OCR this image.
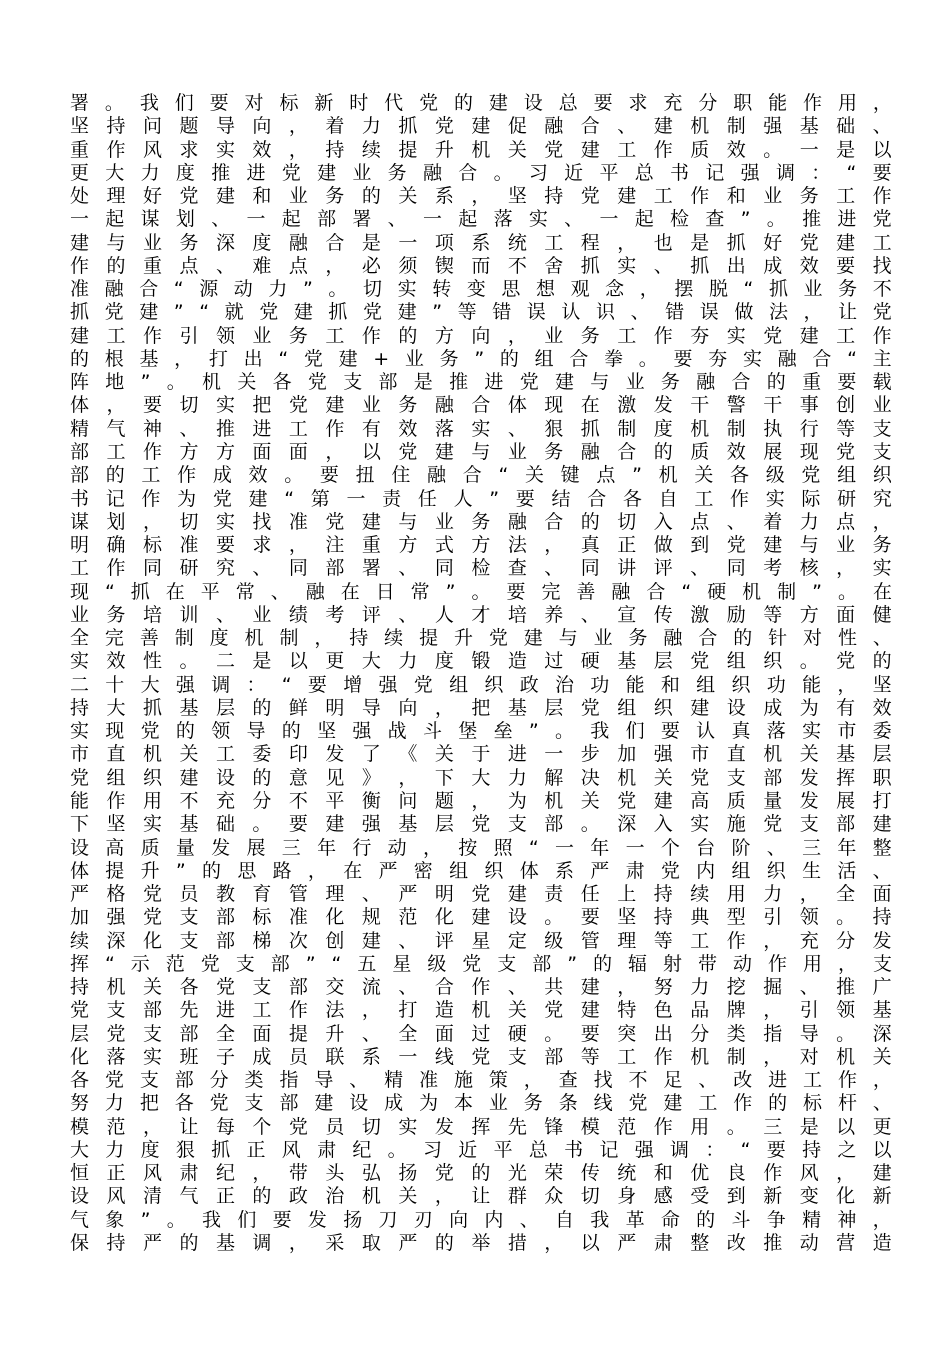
署 。 我 们 要 对 标 新 时 代 党 的 建 设 总 要 求 充 分 职 能 作 用 ，
坚 持 问 题 导 向 ， 着 力 抓 党 建 促 融 合 、 建 机 制 强 基 础 、
重 作 风 求 实 效 ， 持 续 提 升 机 关 党 建 工 作 质 效 。 一 是 以
更 大 力 度 推 进 党 建 业 务 融 合 。 习 近 平 总 书 记 强 调 ： “ 要
处 理 好 党 建 和 业 务 的 关 系 ， 坚 持 党 建 工 作 和 业 务 工 作
一 起 谋 划 、 一 起 部 署 、 一 起 落 实 、 一 起 检 查 ” 。 推 进 党
建 与 业 务 深 度 融 合 是 一 项 系 统 工 程 ， 也 是 抓 好 党 建 工
作 的 重 点 、 难 点 ， 必 须 锲 而 不 舍 抓 实 、 抓 出 成 效 要 找
准 融 合 “ 源 动 力 ” 。 切 实 转 变 思 想 观 念 ， 摆 脱 “ 抓 业 务 不
抓 党 建 ” “ 就 党 建 抓 党 建 ” 等 错 误 认 识 、 错 误 做 法 ， 让 党
建 工 作 引 领 业 务 工 作 的 方 向 ， 业 务 工 作 夯 实 党 建 工 作
的 根 基 ， 打 出 “ 党 建 + 业 务 ” 的 组 合 拳 。 要 夯 实 融 合 “ 主
阵 地 ” 。 机 关 各 党 支 部 是 推 进 党 建 与 业 务 融 合 的 重 要 载
体 ， 要 切 实 把 党 建 业 务 融 合 体 现 在 激 发 干 警 干 事 创 业
精 气 神 、 推 进 工 作 有 效 落 实 、 狠 抓 制 度 机 制 执 行 等 支
部 工 作 方 方 面 面 ， 以 党 建 与 业 务 融 合 的 质 效 展 现 党 支
部 的 工 作 成 效 。 要 扭 住 融 合 “ 关 键 点 ” 机 关 各 级 党 组 织
书 记 作 为 党 建 “ 第 一 责 任 人 ” 要 结 合 各 自 工 作 实 际 研 究
谋 划 ， 切 实 找 准 党 建 与 业 务 融 合 的 切 入 点 、 着 力 点 ，
明 确 标 准 要 求 ， 注 重 方 式 方 法 ， 真 正 做 到 党 建 与 业 务
工 作 同 研 究 、 同 部 署 、 同 检 查 、 同 讲 评 、 同 考 核 ， 实
现 “ 抓 在 平 常 、 融 在 日 常 ” 。 要 完 善 融 合 “ 硬 机 制 ” 。 在
业 务 培 训 、 业 绩 考 评 、 人 才 培 养 、 宣 传 激 励 等 方 面 健
全 完 善 制 度 机 制 ， 持 续 提 升 党 建 与 业 务 融 合 的 针 对 性 、
实 效 性 。 二 是 以 更 大 力 度 锻 造 过 硬 基 层 党 组 织 。 党 的
二 十 大 强 调 ： “ 要 增 强 党 组 织 政 治 功 能 和 组 织 功 能 ， 坚
持 大 抓 基 层 的 鲜 明 导 向 ， 把 基 层 党 组 织 建 设 成 为 有 效
实 现 党 的 领 导 的 坚 强 战 斗 堡 垒 ” 。 我 们 要 认 真 落 实 市 委
市 直 机 关 工 委 印 发 了 《 关 于 进 一 步 加 强 市 直 机 关 基 层
党 组 织 建 设 的 意 见 》 ， 下 大 力 解 决 机 关 党 支 部 发 挥 职
能 作 用 不 充 分 不 平 衡 问 题 ， 为 机 关 党 建 高 质 量 发 展 打
下 坚 实 基 础 。 要 建 强 基 层 党 支 部 。 深 入 实 施 党 支 部 建
设 高 质 量 发 展 三 年 行 动 ， 按 照 “ 一 年 一 个 台 阶 、 三 年 整
体 提 升 ” 的 思 路 ， 在 严 密 组 织 体 系 严 肃 党 内 组 织 生 活 、
严 格 党 员 教 育 管 理 、 严 明 党 建 责 任 上 持 续 用 力 ， 全 面
加 强 党 支 部 标 准 化 规 范 化 建 设 。 要 坚 持 典 型 引 领 。 持
续 深 化 支 部 梯 次 创 建 、 评 星 定 级 管 理 等 工 作 ， 充 分 发
挥 “ 示 范 党 支 部 ” “ 五 星 级 党 支 部 ” 的 辐 射 带 动 作 用 ， 支
持 机 关 各 党 支 部 交 流 、 合 作 、 共 建 ， 努 力 挖 掘 、 推 广
党 支 部 先 进 工 作 法 ， 打 造 机 关 党 建 特 色 品 牌 ， 引 领 基
层 党 支 部 全 面 提 升 、 全 面 过 硬 。 要 突 出 分 类 指 导 。 深
化 落 实 班 子 成 员 联 系 一 线 党 支 部 等 工 作 机 制 ， 对 机 关
各 党 支 部 分 类 指 导 、 精 准 施 策 ， 查 找 不 足 、 改 进 工 作 ，
努 力 把 各 党 支 部 建 设 成 为 本 业 务 条 线 党 建 工 作 的 标 杆 、
模 范 ， 让 每 个 党 员 切 实 发 挥 先 锋 模 范 作 用 。 三 是 以 更
大 力 度 狠 抓 正 风 肃 纪 。 习 近 平 总 书 记 强 调 ： “ 要 持 之 以
恒 正 风 肃 纪 ， 带 头 弘 扬 党 的 光 荣 传 统 和 优 良 作 风 ， 建
设 风 清 气 正 的 政 治 机 关 ， 让 群 众 切 身 感 受 到 新 变 化 新
气 象 ” 。 我 们 要 发 扬 刀 刃 向 内 、 自 我 革 命 的 斗 争 精 神 ，
保 持 严 的 基 调 ， 采 取 严 的 举 措 ， 以 严 肃 整 改 推 动 营 造
